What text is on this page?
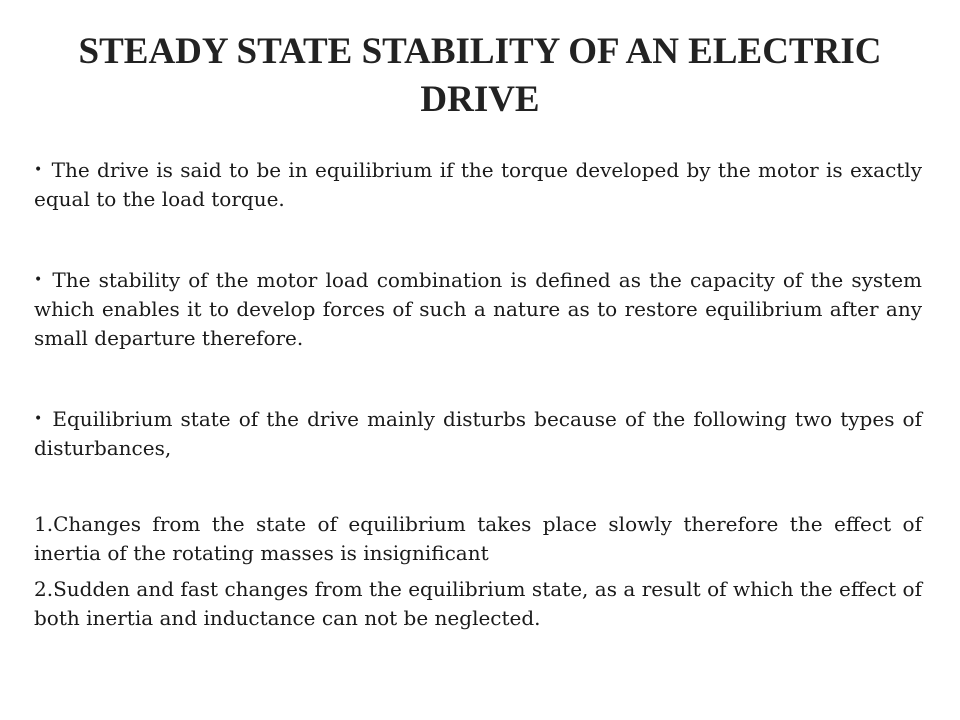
STEADY STATE STABILITY OF AN ELECTRIC DRIVE

• The drive is said to be in equilibrium if the torque developed by the motor is exactly equal to the load torque.

• The stability of the motor load combination is defined as the capacity of the system which enables it to develop forces of such a nature as to restore equilibrium after any small departure therefore.

• Equilibrium state of the drive mainly disturbs because of the following two types of disturbances,

1.Changes from the state of equilibrium takes place slowly therefore the effect of inertia of the rotating masses is insignificant

2.Sudden and fast changes from the equilibrium state, as a result of which the effect of both inertia and inductance can not be neglected.
